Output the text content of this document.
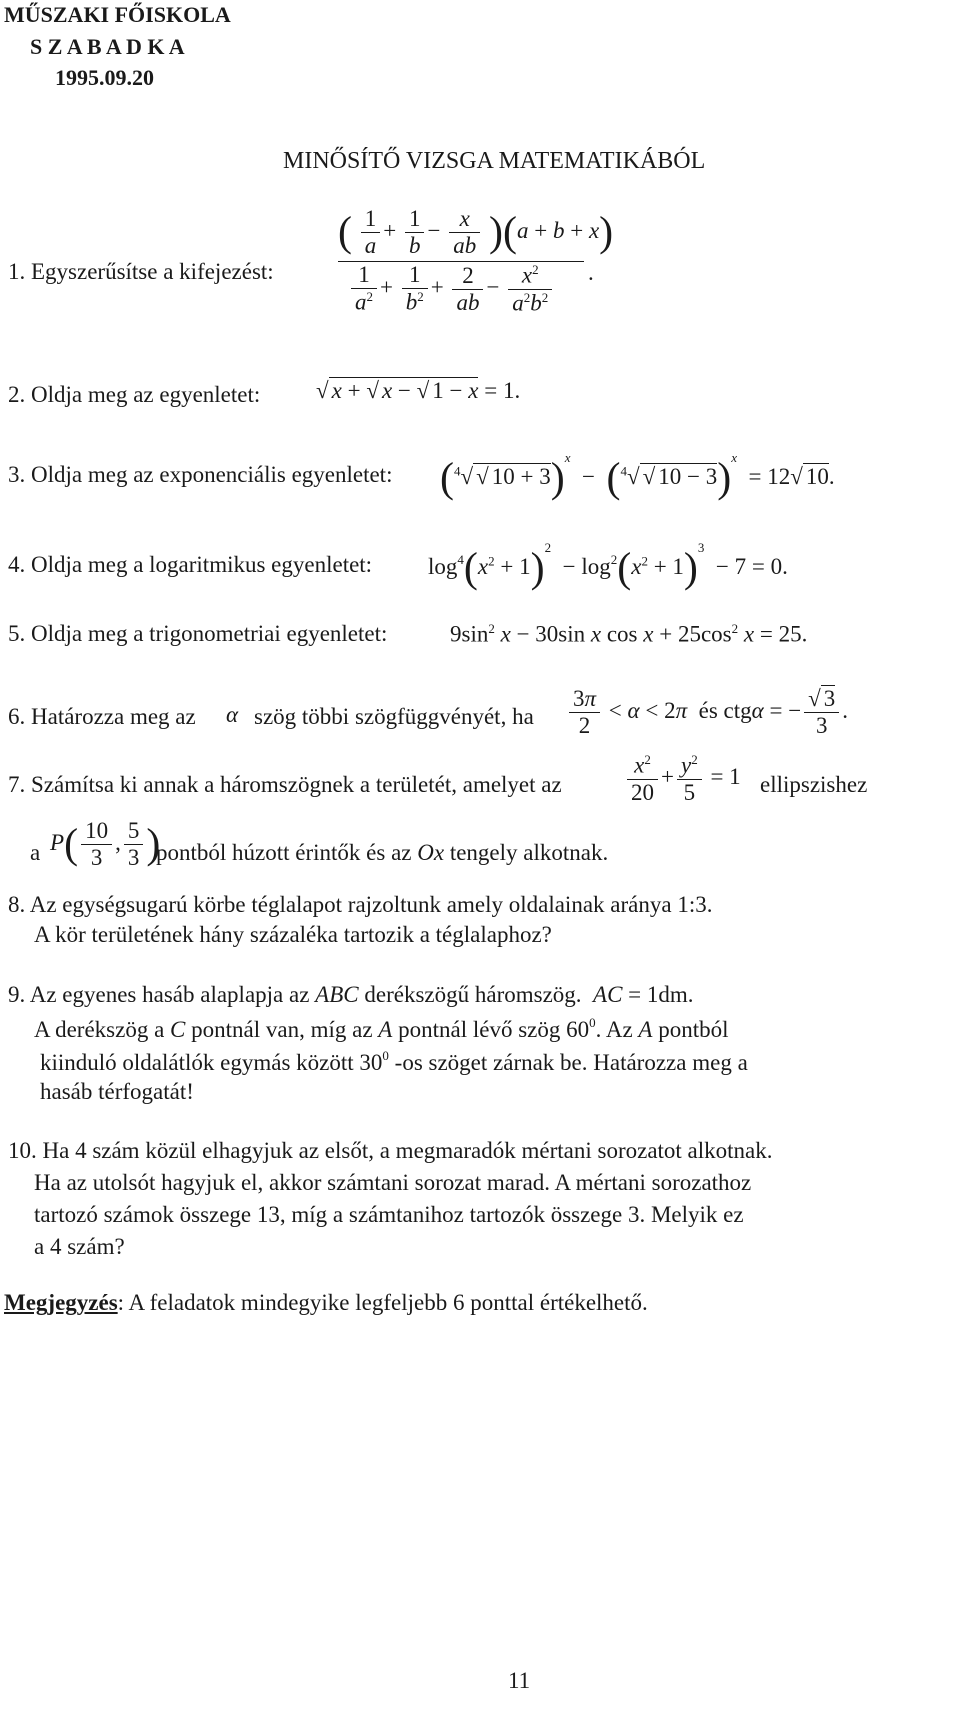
MŰSZAKI FŐISKOLA
S Z A B A D K A
1995.09.20
MINŐSÍTŐ VIZSGA MATEMATIKÁBÓL
1. Egyszerűsítse a kifejezést:
( $\frac{1}{a} + \frac{1}{b} - \frac{x}{ab} )(a + b + x)$
$\frac{1}{a^2} + \frac{1}{b^2} + \frac{2}{ab} - \frac{x^2}{a^2b^2}$ .
2. Oldja meg az egyenletet: √ x + √ x − √ 1 − x = 1.
3. Oldja meg az exponenciális egyenletet: ($^4$√ √ 10 + 3)$^x$  −  ($^4$√ √ 10 − 3)$^x$  = 12√ 10.
4. Oldja meg a logaritmikus egyenletet: $\log^4(x^2 + 1)^2 - \log^2(x^2 + 1)^3 - 7 = 0$.
5. Oldja meg a trigonometriai egyenletet:	$9\sin^2$ x − 30sin x $\cos x + 25\cos^2$ x = 25.
6. Határozza meg az α szög többi szögfüggvényét, ha $\frac{3\pi}{2} < \alpha < 2\pi$ és ctgα = − $\frac{√ 3}{3}$ .
7. Számítsa ki annak a háromszögnek a területét, amelyet az	$\frac{x^2}{20} + \frac{y^2}{5} = 1$ ellipszishez
a $P( \frac{10}{3}$ , $\frac{5}{3}$ )
pontból húzott érintők és az Ox tengely alkotnak.
8. Az egységsugarú körbe téglalapot rajzoltunk amely oldalainak aránya 1:3.
A kör területének hány százaléka tartozik a téglalaphoz?
9. Az egyenes hasáb alaplapja az ABC derékszögű háromszög. AC = 1dm.
A derékszög a C pontnál van, míg az A pontnál lévő szög $60^0$. Az A pontból
kiinduló oldalátlók egymás között $30^0$ -os szöget zárnak be. Határozza meg a
hasáb térfogatát!
10. Ha 4 szám közül elhagyjuk az elsőt, a megmaradók mértani sorozatot alkotnak.
Ha az utolsót hagyjuk el, akkor számtani sorozat marad. A mértani sorozathoz
tartozó számok összege 13, míg a számtanihoz tartozók összege 3. Melyik ez
a 4 szám?
Megjegyzés: A feladatok mindegyike legfeljebb 6 ponttal értékelhető.
11
